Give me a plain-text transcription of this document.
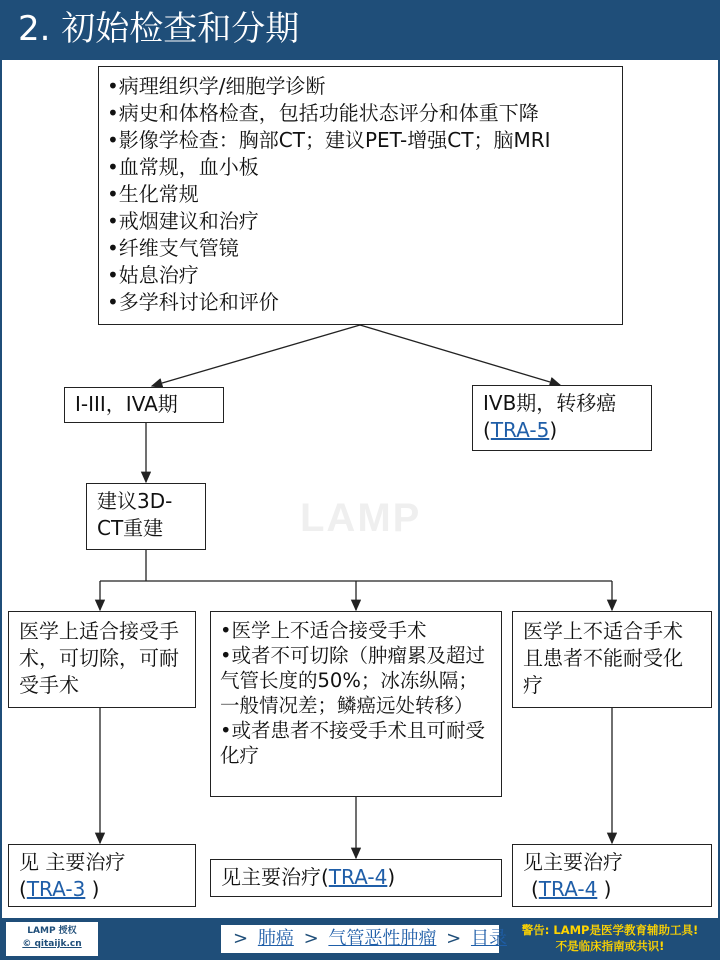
2. 初始检查和分期
LAMP
•病理组织学/细胞学诊断
•病史和体格检查，包括功能状态评分和体重下降
•影像学检查：胸部CT；建议PET-增强CT；脑MRI
•血常规，血小板
•生化常规
•戒烟建议和治疗
•纤维支气管镜
•姑息治疗
•多学科讨论和评价
I-III，IVA期	IVB期，转移癌
(TRA-5)
建议3D-
CT重建
医学上适合接受手术，可切除，可耐受手术
•医学上不适合接受手术
•或者不可切除（肿瘤累及超过气管长度的50%；冰冻纵隔；一般情况差；鳞癌远处转移）
•或者患者不接受手术且可耐受化疗
医学上不适合手术且患者不能耐受化疗
见 主要治疗
(TRA-3 )	见主要治疗(TRA-4)
见主要治疗
(TRA-4 )
LAMP 授权
© qitaijk.cn	> 肺癌 > 气管恶性肿瘤 > 目录	警告: LAMP是医学教育辅助工具!
不是临床指南或共识!
